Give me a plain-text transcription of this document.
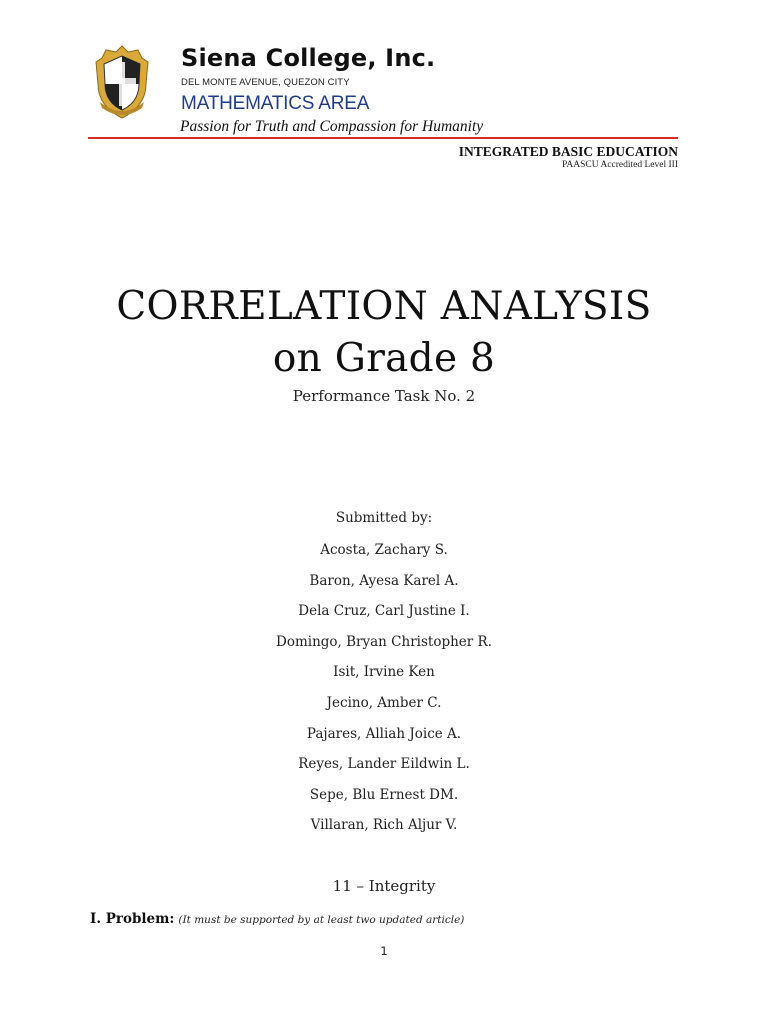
Siena College, Inc.
DEL MONTE AVENUE, QUEZON CITY
MATHEMATICS AREA
Passion for Truth and Compassion for Humanity
INTEGRATED BASIC EDUCATION
PAASCU Accredited Level III
CORRELATION ANALYSIS
on Grade 8
Performance Task No. 2
Submitted by:
Acosta, Zachary S.
Baron, Ayesa Karel A.
Dela Cruz, Carl Justine I.
Domingo, Bryan Christopher R.
Isit, Irvine Ken
Jecino, Amber C.
Pajares, Alliah Joice A.
Reyes, Lander Eildwin L.
Sepe, Blu Ernest DM.
Villaran, Rich Aljur V.
11 – Integrity
I. Problem: (It must be supported by at least two updated article)
1
